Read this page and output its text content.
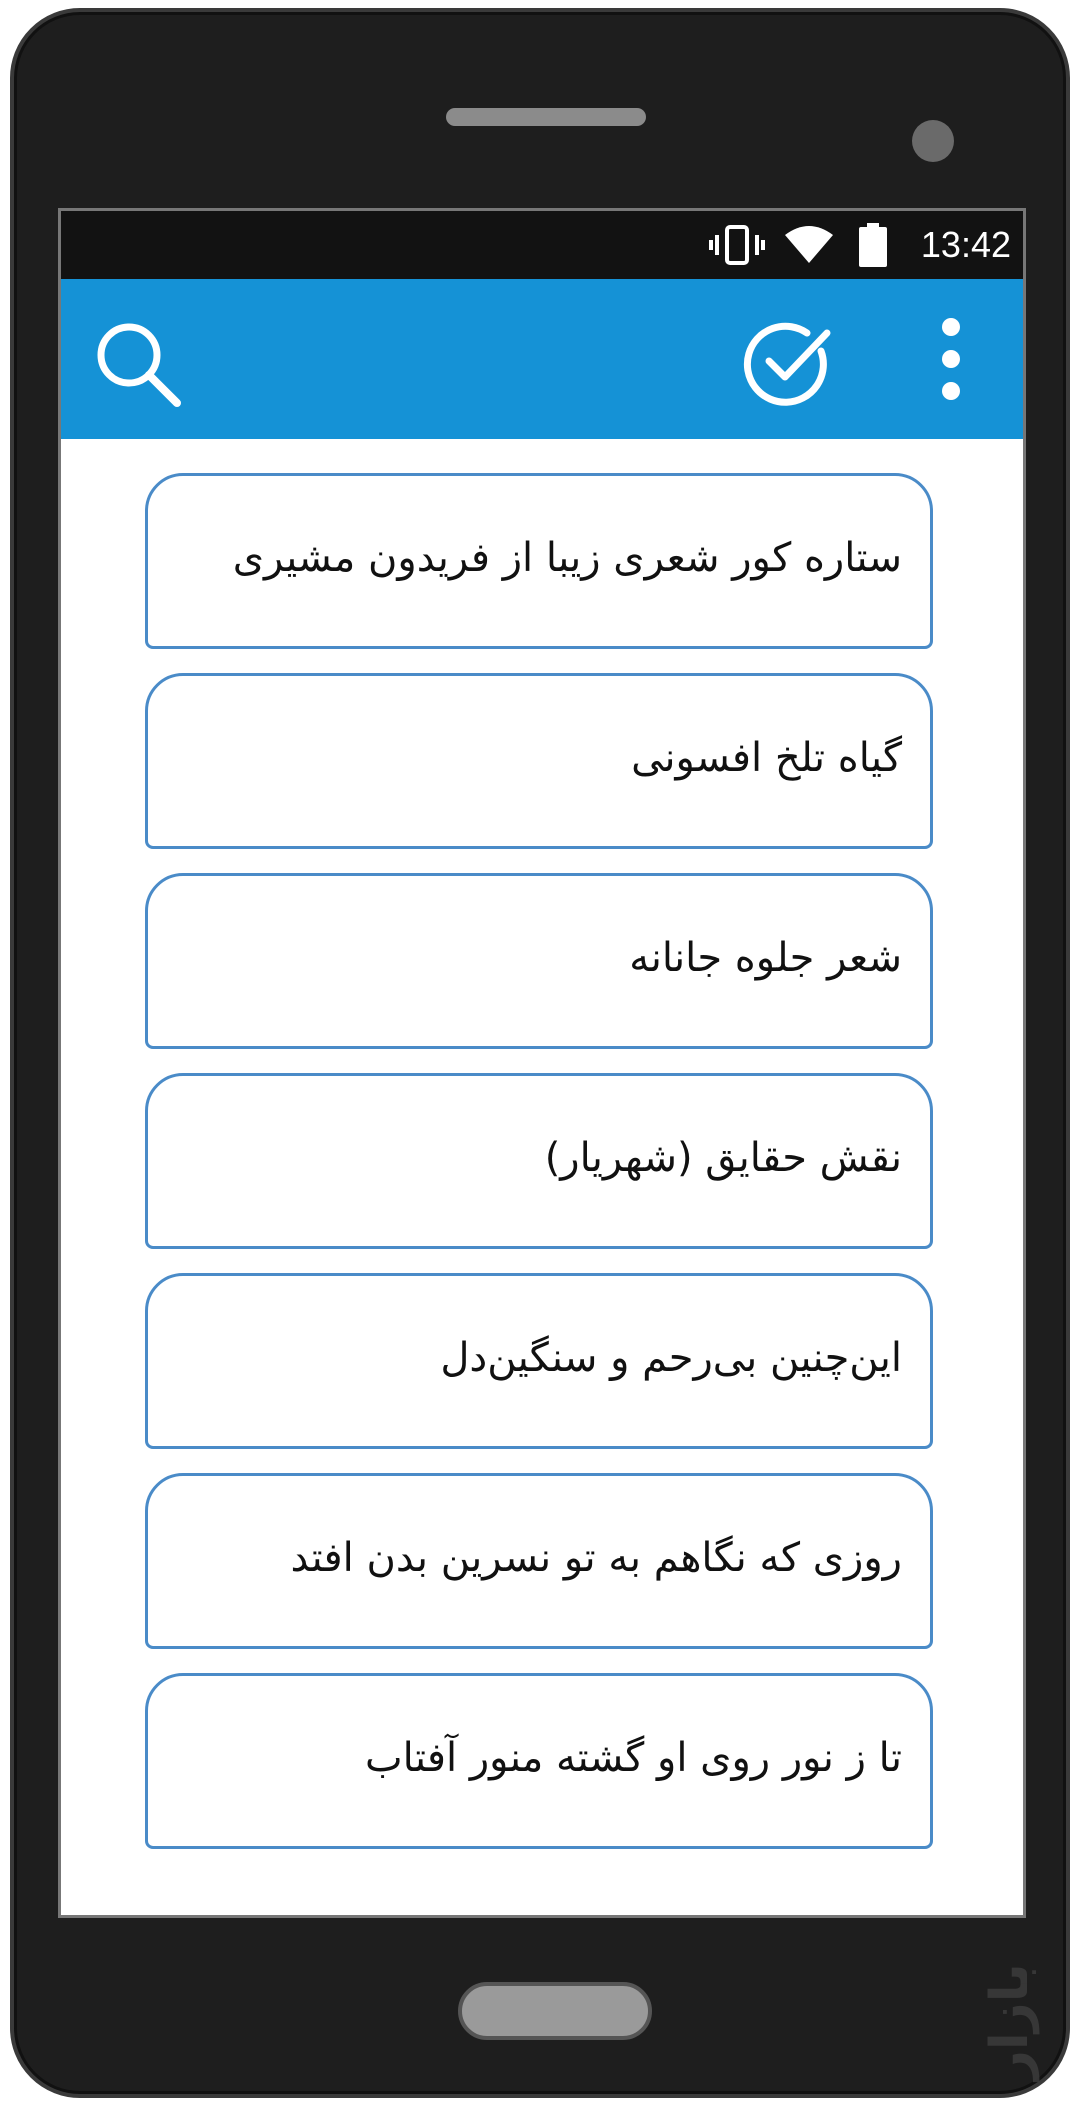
بازار
13:42
ستاره کور شعری زیبا از فریدون مشیری
گیاه تلخ افسونی
شعر جلوه جانانه
نقش حقایق (شهریار)
این‌چنین بی‌رحم و سنگین‌دل
روزی که نگاهم به تو نسرین بدن افتد
تا ز نور روی او گشته منور آفتاب
